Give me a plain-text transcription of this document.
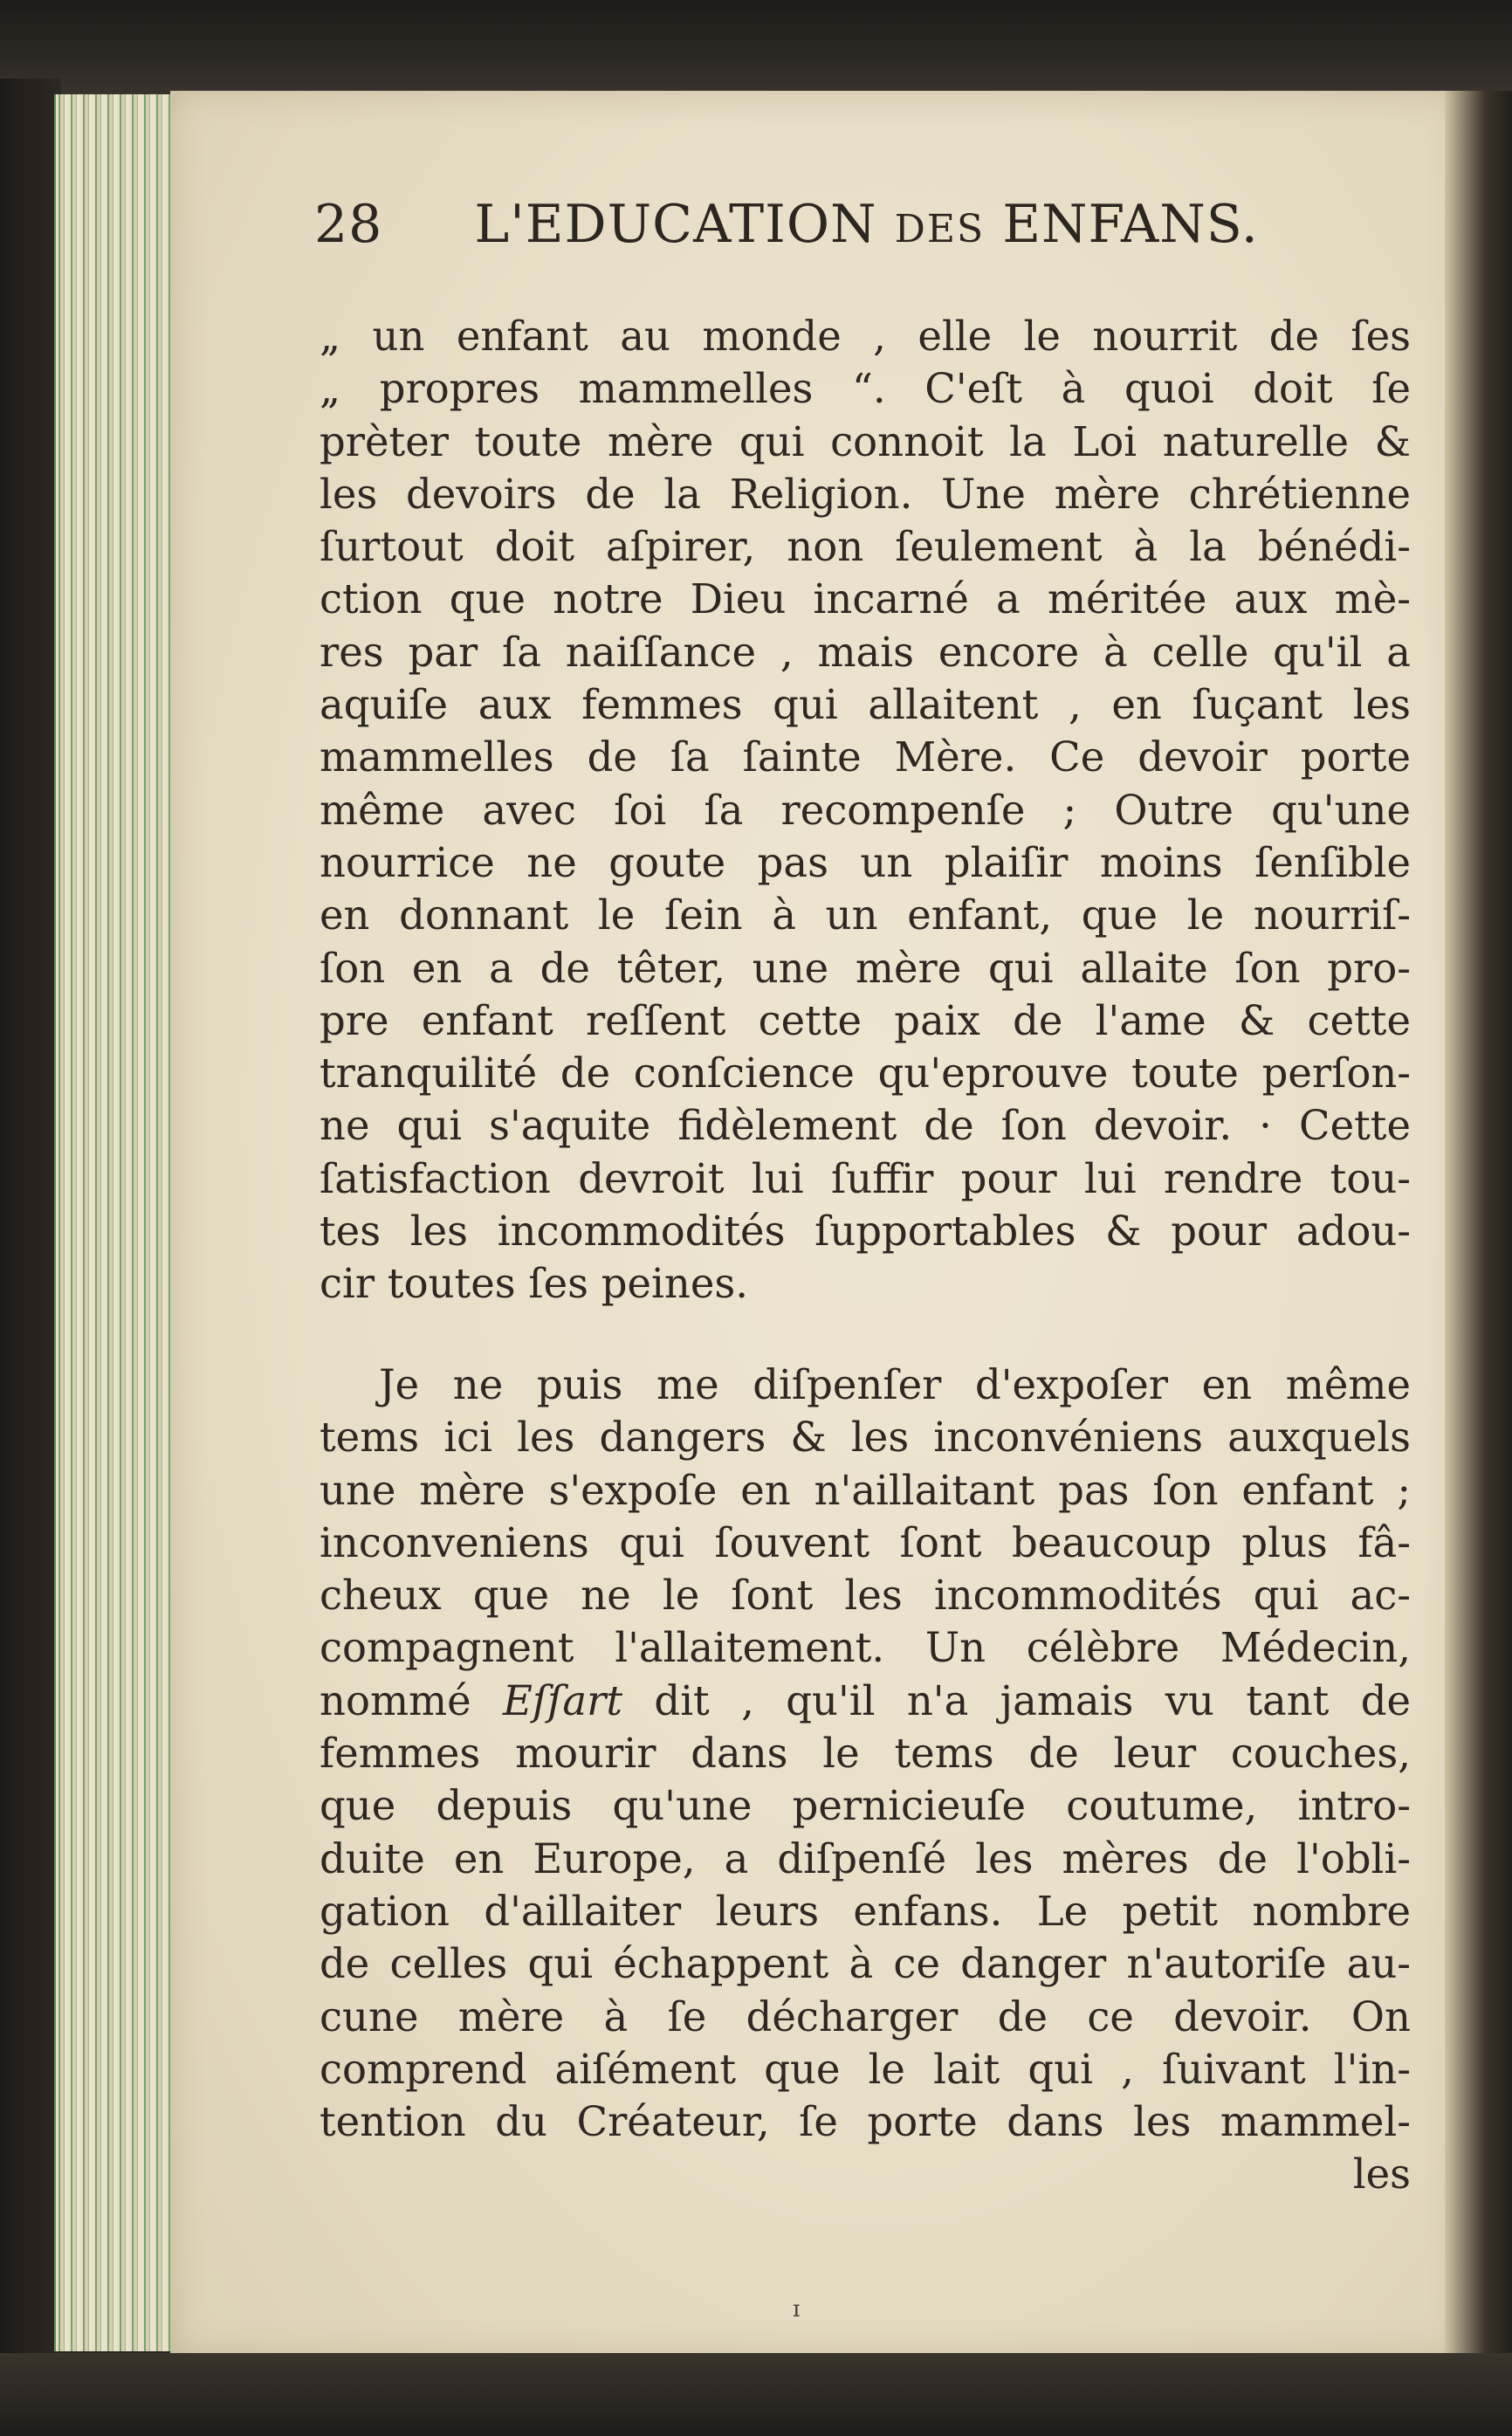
28 L'EDUCATION DES ENFANS.
„ un enfant au monde , elle le nourrit de ſes
„ propres mammelles “. C'eſt à quoi doit ſe
prèter toute mère qui connoit la Loi naturelle &
les devoirs de la Religion. Une mère chrétienne
ſurtout doit aſpirer, non ſeulement à la bénédi-
ction que notre Dieu incarné a méritée aux mè-
res par ſa naiſſance , mais encore à celle qu'il a
aquiſe aux femmes qui allaitent , en ſuçant les
mammelles de ſa ſainte Mère. Ce devoir porte
même avec ſoi ſa recompenſe ; Outre qu'une
nourrice ne goute pas un plaiſir moins ſenſible
en donnant le ſein à un enfant, que le nourriſ-
ſon en a de têter, une mère qui allaite ſon pro-
pre enfant reſſent cette paix de l'ame & cette
tranquilité de conſcience qu'eprouve toute perſon-
ne qui s'aquite fidèlement de ſon devoir. · Cette
ſatisfaction devroit lui ſuffir pour lui rendre tou-
tes les incommodités ſupportables & pour adou-
cir toutes ſes peines.
Je ne puis me diſpenſer d'expoſer en même
tems ici les dangers & les inconvéniens auxquels
une mère s'expoſe en n'aillaitant pas ſon enfant ;
inconveniens qui ſouvent ſont beaucoup plus fâ-
cheux que ne le ſont les incommodités qui ac-
compagnent l'allaitement. Un célèbre Médecin,
nommé Eſſart dit , qu'il n'a jamais vu tant de
femmes mourir dans le tems de leur couches,
que depuis qu'une pernicieuſe coutume, intro-
duite en Europe, a diſpenſé les mères de l'obli-
gation d'aillaiter leurs enfans. Le petit nombre
de celles qui échappent à ce danger n'autoriſe au-
cune mère à ſe décharger de ce devoir. On
comprend aiſément que le lait qui , ſuivant l'in-
tention du Créateur, ſe porte dans les mammel-
les
ɪ
